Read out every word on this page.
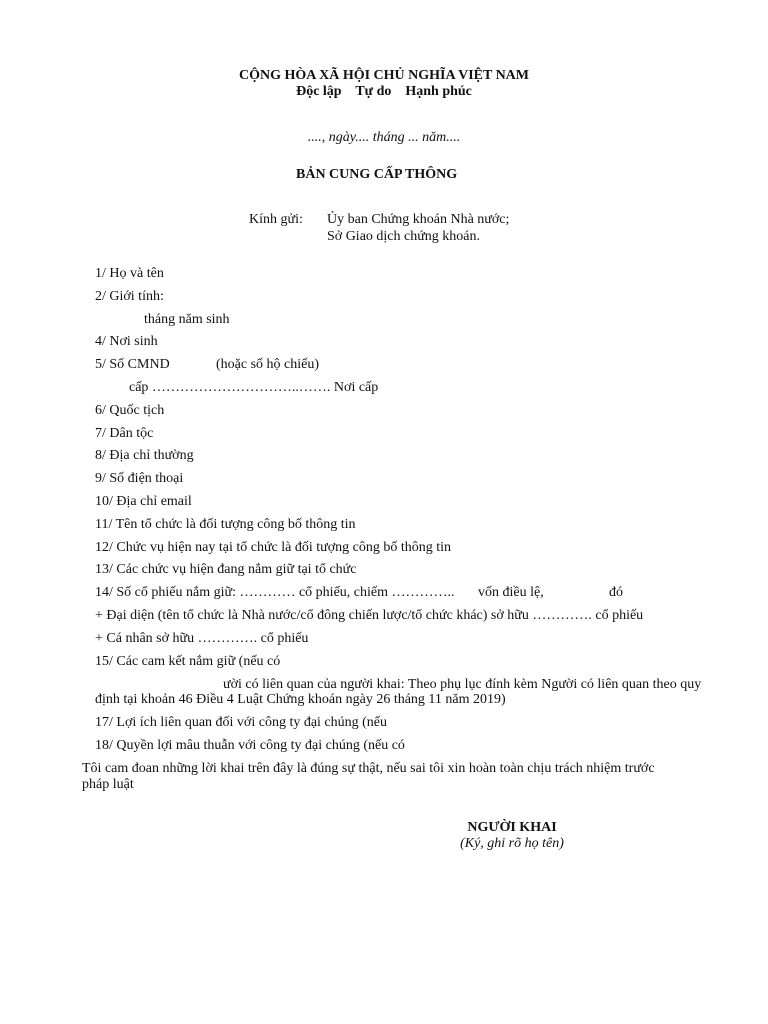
CỘNG HÒA XÃ HỘI CHỦ NGHĨA VIỆT NAM
Độc lập    Tự do    Hạnh phúc
...., ngày.... tháng ... năm....
BẢN CUNG CẤP THÔNG
Kính gửi: Ủy ban Chứng khoán Nhà nước;
Sở Giao dịch chứng khoán.
1/ Họ và tên
2/ Giới tính:
tháng năm sinh
4/ Nơi sinh
5/ Số CMND	(hoặc số hộ chiếu)
cấp …………………………..……. Nơi cấp
6/ Quốc tịch
7/ Dân tộc
8/ Địa chỉ thường
9/ Số điện thoại
10/ Địa chỉ email
11/ Tên tổ chức là đối tượng công bố thông tin
12/ Chức vụ hiện nay tại tổ chức là đối tượng công bố thông tin
13/ Các chức vụ hiện đang nắm giữ tại tổ chức
14/ Số cổ phiếu nắm giữ: ………… cổ phiếu, chiếm ………….. vốn điều lệ,	đó
+ Đại diện (tên tổ chức là Nhà nước/cổ đông chiến lược/tổ chức khác) sở hữu …………. cổ phiếu
+ Cá nhân sở hữu …………. cổ phiếu
15/ Các cam kết nắm giữ (nếu có
ười có liên quan của người khai: Theo phụ lục đính kèm Người có liên quan theo quy
định tại khoản 46 Điều 4 Luật Chứng khoán ngày 26 tháng 11 năm 2019)
17/ Lợi ích liên quan đối với công ty đại chúng (nếu
18/ Quyền lợi mâu thuẫn với công ty đại chúng (nếu có
Tôi cam đoan những lời khai trên đây là đúng sự thật, nếu sai tôi xin hoàn toàn chịu trách nhiệm trước
pháp luật
NGƯỜI KHAI
(Ký, ghi rõ họ tên)
